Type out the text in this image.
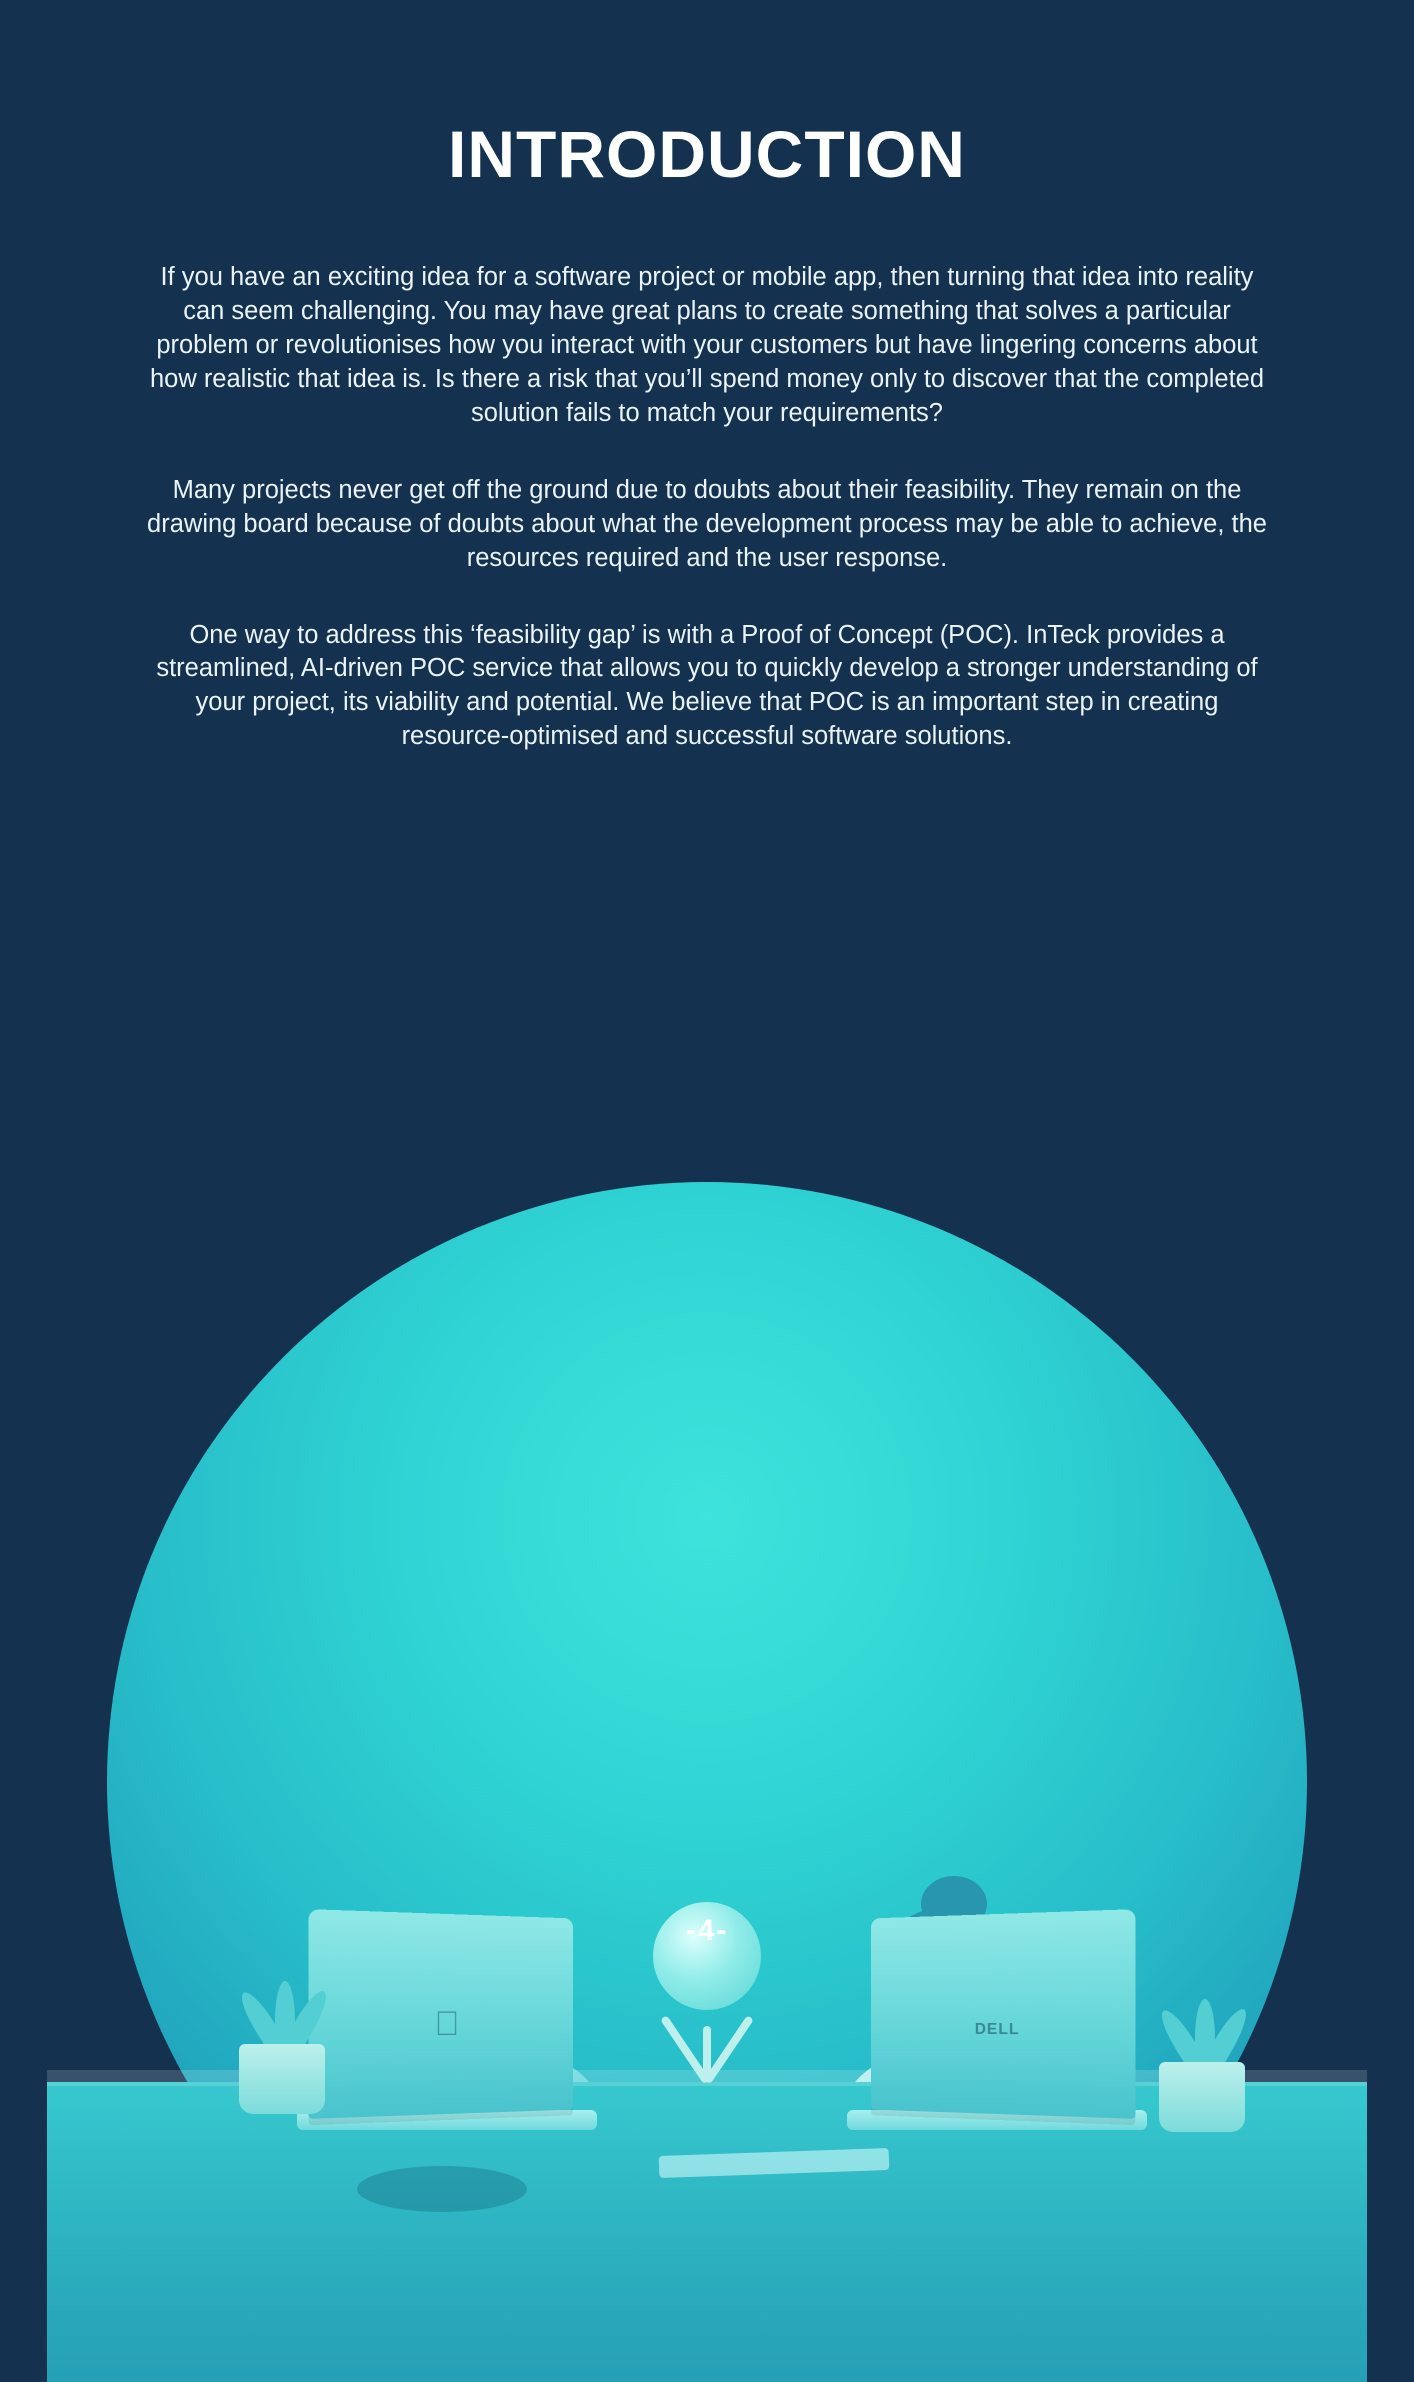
INTRODUCTION

If you have an exciting idea for a software project or mobile app, then turning that idea into reality can seem challenging. You may have great plans to create something that solves a particular problem or revolutionises how you interact with your customers but have lingering concerns about how realistic that idea is. Is there a risk that you’ll spend money only to discover that the completed solution fails to match your requirements?

Many projects never get off the ground due to doubts about their feasibility. They remain on the drawing board because of doubts about what the development process may be able to achieve, the resources required and the user response.

One way to address this ‘feasibility gap’ is with a Proof of Concept (POC). InTeck provides a streamlined, AI-driven POC service that allows you to quickly develop a stronger understanding of your project, its viability and potential. We believe that POC is an important step in creating resource-optimised and successful software solutions.

DELL
-4-
